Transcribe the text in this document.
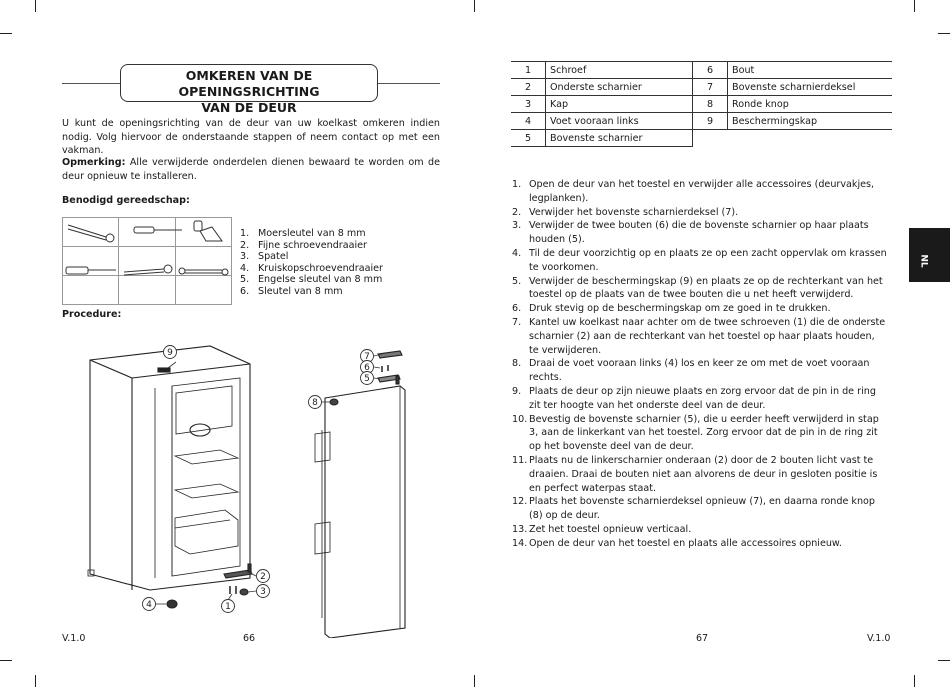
OMKEREN VAN DE OPENINGSRICHTING
VAN DE DEUR
U kunt de openingsrichting van de deur van uw koelkast omkeren indien nodig. Volg hiervoor de onderstaande stappen of neem contact op met een vakman.
Opmerking: Alle verwijderde onderdelen dienen bewaard te worden om de deur opnieuw te installeren.
Benodigd gereedschap:

1. Moersleutel van 8 mm
2. Fijne schroevendraaier
3. Spatel
4. Kruiskopschroevendraaier
5. Engelse sleutel van 8 mm
6. Sleutel van 8 mm
Procedure:
9	7
6
5
8
2
3
1
4
V.1.0	66
1	Schroef	6	Bout
2	Onderste scharnier	7	Bovenste scharnierdeksel
3	Kap	8	Ronde knop
4	Voet vooraan links	9	Beschermingskap
5	Bovenste scharnier		
1. Open de deur van het toestel en verwijder alle accessoires (deurvakjes, legplanken).
2. Verwijder het bovenste scharnierdeksel (7).
3. Verwijder de twee bouten (6) die de bovenste scharnier op haar plaats houden (5).
4. Til de deur voorzichtig op en plaats ze op een zacht oppervlak om krassen te voorkomen.
5. Verwijder de beschermingskap (9) en plaats ze op de rechterkant van het toestel op de plaats van de twee bouten die u net heeft verwijderd.
6. Druk stevig op de beschermingskap om ze goed in te drukken.
7. Kantel uw koelkast naar achter om de twee schroeven (1) die de onderste scharnier (2) aan de rechterkant van het toestel op haar plaats houden, te verwijderen.
8. Draai de voet vooraan links (4) los en keer ze om met de voet vooraan rechts.
9. Plaats de deur op zijn nieuwe plaats en zorg ervoor dat de pin in de ring zit ter hoogte van het onderste deel van de deur.
10. Bevestig de bovenste scharnier (5), die u eerder heeft verwijderd in stap 3, aan de linkerkant van het toestel. Zorg ervoor dat de pin in de ring zit op het bovenste deel van de deur.
11. Plaats nu de linkerscharnier onderaan (2) door de 2 bouten licht vast te draaien. Draai de bouten niet aan alvorens de deur in gesloten positie is en perfect waterpas staat.
12. Plaats het bovenste scharnierdeksel opnieuw (7), en daarna ronde knop (8) op de deur.
13. Zet het toestel opnieuw verticaal.
14. Open de deur van het toestel en plaats alle accessoires opnieuw.
NL
67	V.1.0
